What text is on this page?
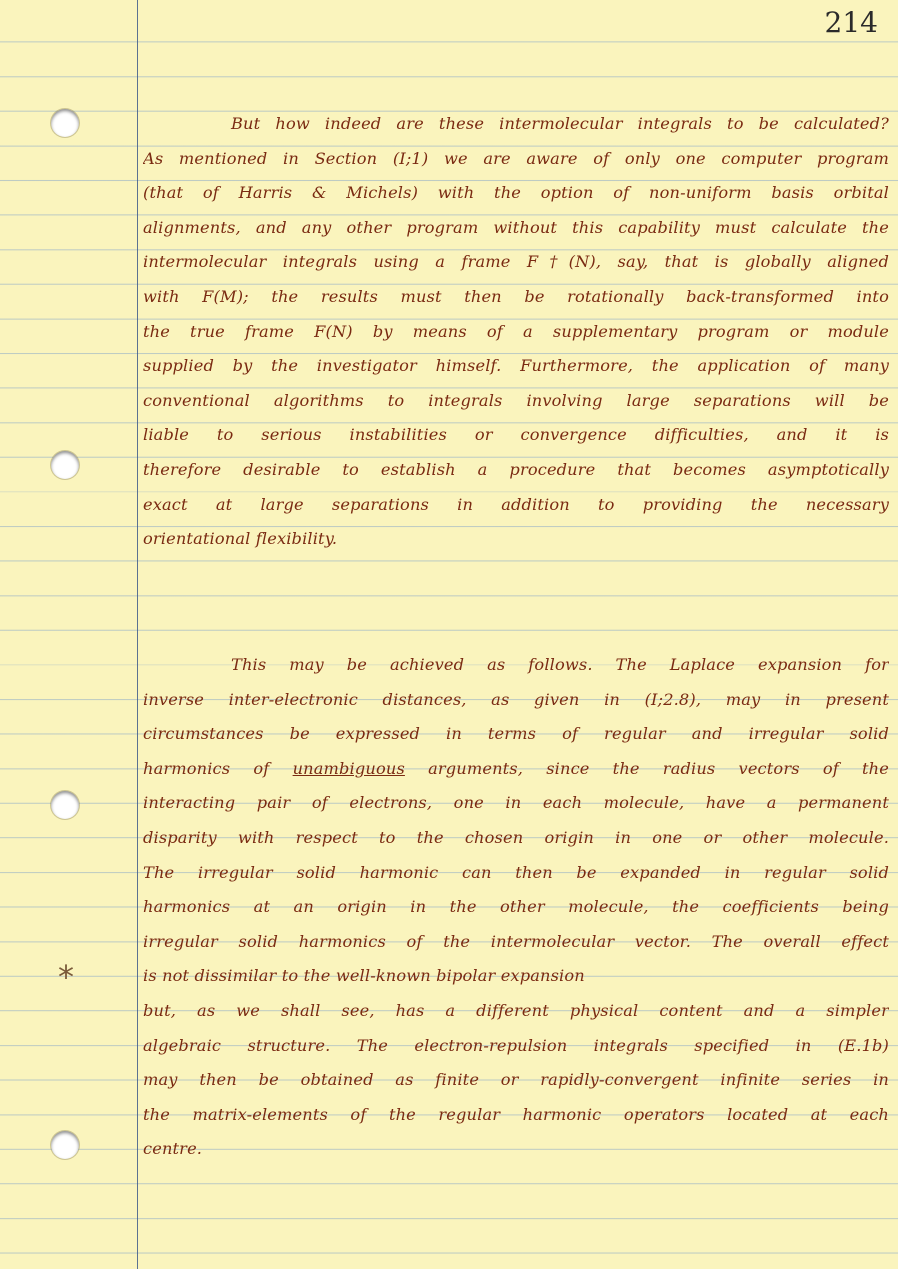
214
*
But how indeed are these intermolecular integrals to be calculated?
As mentioned in Section (I;1) we are aware of only one computer program
(that of Harris & Michels) with the option of non-uniform basis orbital
alignments, and any other program without this capability must calculate the
intermolecular integrals using a frame F†(N), say, that is globally aligned
with F(M); the results must then be rotationally back-transformed into
the true frame F(N) by means of a supplementary program or module
supplied by the investigator himself. Furthermore, the application of many
conventional algorithms to integrals involving large separations will be
liable to serious instabilities or convergence difficulties, and it is
therefore desirable to establish a procedure that becomes asymptotically
exact at large separations in addition to providing the necessary
orientational flexibility.
This may be achieved as follows. The Laplace expansion for
inverse inter-electronic distances, as given in (I;2.8), may in present
circumstances be expressed in terms of regular and irregular solid
harmonics of unambiguous arguments, since the radius vectors of the
interacting pair of electrons, one in each molecule, have a permanent
disparity with respect to the chosen origin in one or other molecule.
The irregular solid harmonic can then be expanded in regular solid
harmonics at an origin in the other molecule, the coefficients being
irregular solid harmonics of the intermolecular vector. The overall effect
is not dissimilar to the well-known bipolar expansion
but, as we shall see, has a different physical content and a simpler
algebraic structure. The electron-repulsion integrals specified in (E.1b)
may then be obtained as finite or rapidly-convergent infinite series in
the matrix-elements of the regular harmonic operators located at each
centre.
